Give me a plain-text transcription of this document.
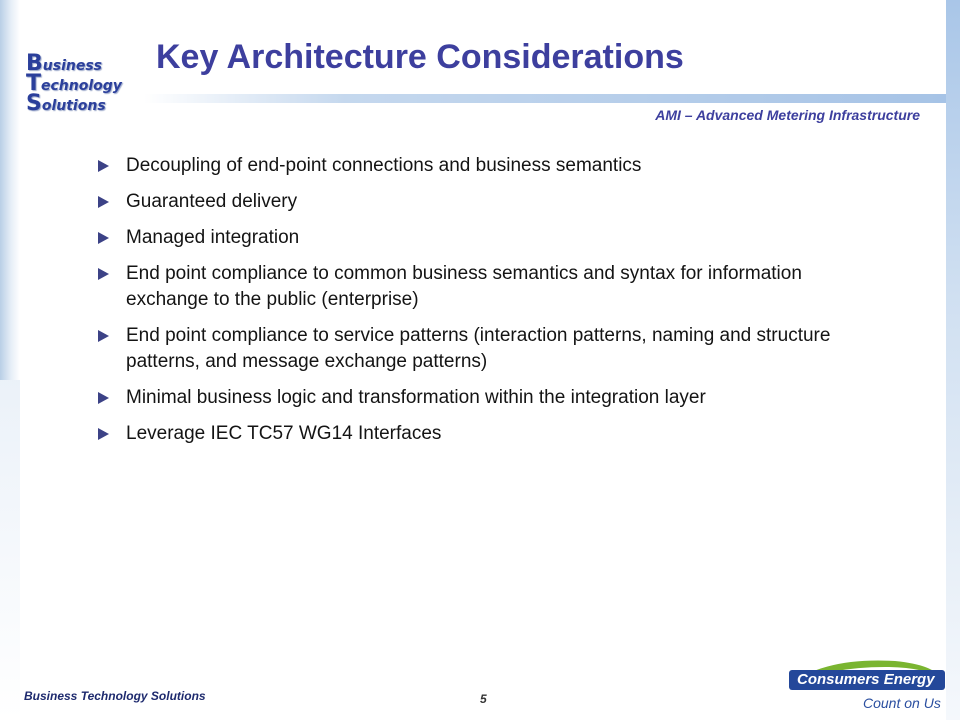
Business
Technology
Solutions
Key Architecture Considerations
AMI – Advanced Metering Infrastructure
Decoupling of end-point connections and business semantics
Guaranteed delivery
Managed integration
End point compliance to common business semantics and syntax for information exchange to the public (enterprise)
End point compliance to service patterns (interaction patterns, naming and structure patterns, and message exchange patterns)
Minimal business logic and transformation within the integration layer
Leverage IEC TC57 WG14 Interfaces
Business Technology Solutions	5
Consumers Energy
Count on Us
